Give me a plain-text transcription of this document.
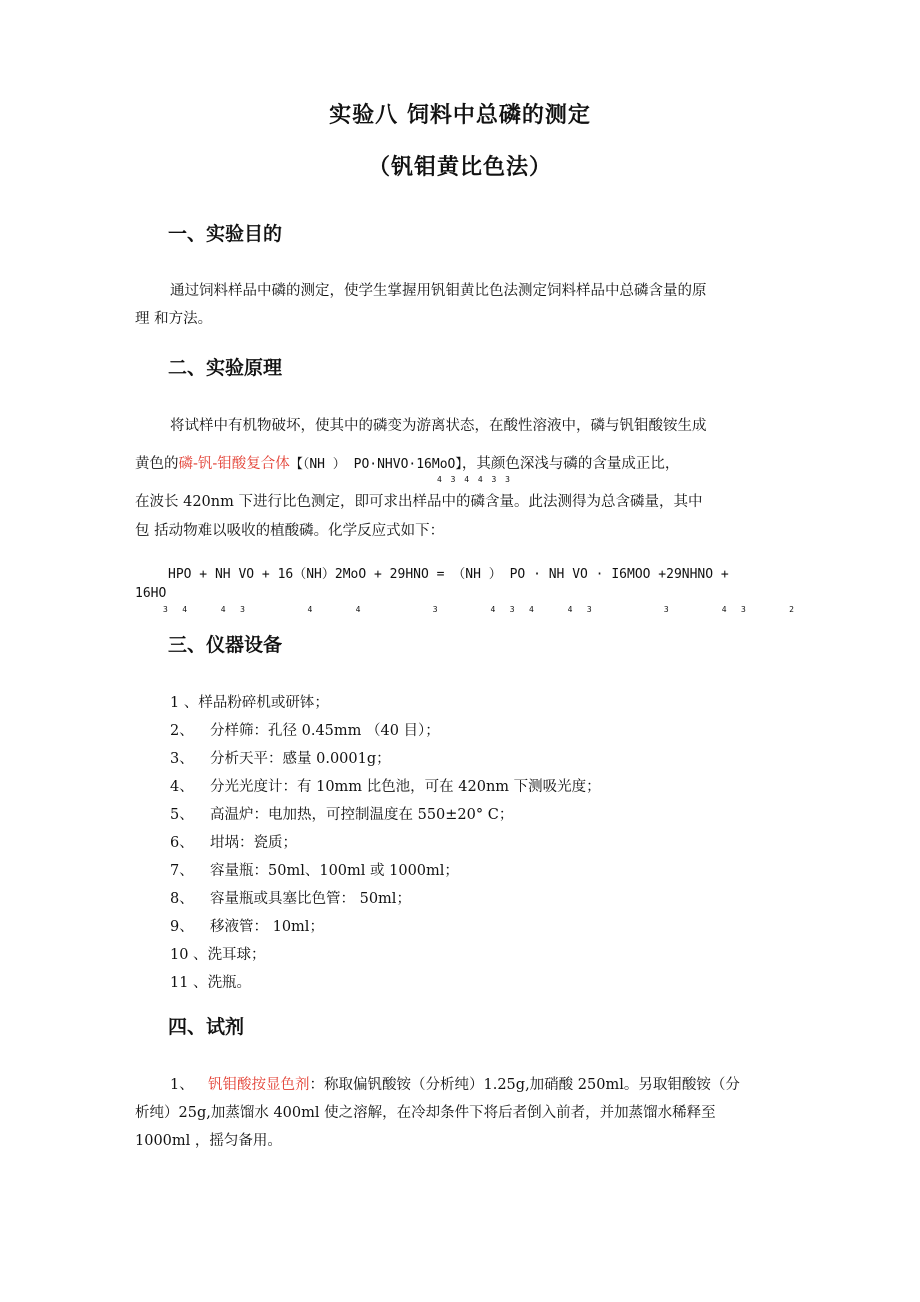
实验八 饲料中总磷的测定
（钒钼黄比色法）
一、实验目的
通过饲料样品中磷的测定，使学生掌握用钒钼黄比色法测定饲料样品中总磷含量的原
理 和方法。
二、实验原理
将试样中有机物破坏，使其中的磷变为游离状态，在酸性溶液中，磷与钒钼酸铵生成
黄色的磷-钒-钼酸复合体【（NH ） PO·NHVO·16MoO】，其颜色深浅与磷的含量成正比，
4 3 4 4 3 3
在波长 420nm 下进行比色测定，即可求出样品中的磷含量。此法测得为总含磷量，其中
包 括动物难以吸收的植酸磷。化学反应式如下：
HPO + NH VO + 16（NH）2MoO + 29HNO = （NH ） PO · NH VO · I6MOO +29NHNO +
16HO
3   4       4   3             4         4               3           4   3   4       4   3               3           4   3         2
三、仪器设备
1 、样品粉碎机或研钵；
2、 分样筛：孔径 0.45mm （40 目）；
3、 分析天平：感量 0.0001g；
4、 分光光度计：有 10mm 比色池，可在 420nm 下测吸光度；
5、 高温炉：电加热，可控制温度在 550±20° C；
6、 坩埚：瓷质；
7、 容量瓶：50ml、100ml 或 1000ml；
8、 容量瓶或具塞比色管： 50ml；
9、 移液管： 10ml；
10 、洗耳球；
11 、洗瓶。
四、试剂
1、 钒钼酸按显色剂：称取偏钒酸铵（分析纯）1.25g,加硝酸 250ml。另取钼酸铵（分
析纯）25g,加蒸馏水 400ml 使之溶解，在冷却条件下将后者倒入前者，并加蒸馏水稀释至
1000ml ，摇匀备用。
